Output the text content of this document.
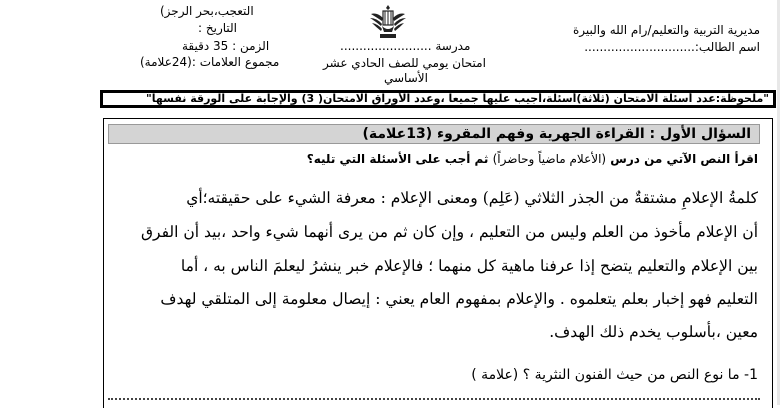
التعجب،بحر الرجز)
التاريخ :
الزمن : 35 دقيقة
مجموع العلامات :(24علامة)
مدرسة ........................
امتحان يومي للصف الحادي عشر
الأساسي
مديرية التربية والتعليم/رام الله والبيرة
اسم الطالب:.............................
"ملحوظة:عدد أسئلة الامتحان (ثلاثة)أسئلة،أجيب عليها جميعاً ،وعدد الأوراق الامتحان( 3) والإجابة على الورقة نفسها"
السؤال الأول : القراءة الجهرية وفهم المقروء (13علامة)
اقرأ النص الآتي من درس (الأعلام ماضياً وحاضراً) ثم أجب على الأسئلة التي تليه؟
كلمةُ الإعلامِ مشتقةٌ من الجذر الثلاثي (عَلِم) ومعنى الإعلام : معرفة الشيء على حقيقته؛أي
أن الإعلام مأخوذ من العلم وليس من التعليم ، وإن كان ثم من يرى أنهما شيء واحد ،بيد أن الفرق
بين الإعلام والتعليم يتضح إذا عرفنا ماهية كل منهما ؛ فالإعلام خبر ينشرُ ليعلمَ الناس به ، أما
التعليم فهو إخبار بعلم يتعلموه . والإعلام بمفهوم العام يعني : إيصال معلومة إلى المتلقي لهدف
معين ،بأسلوب يخدم ذلك الهدف.
1- ما نوع النص من حيث الفنون النثرية ؟ (علامة )
